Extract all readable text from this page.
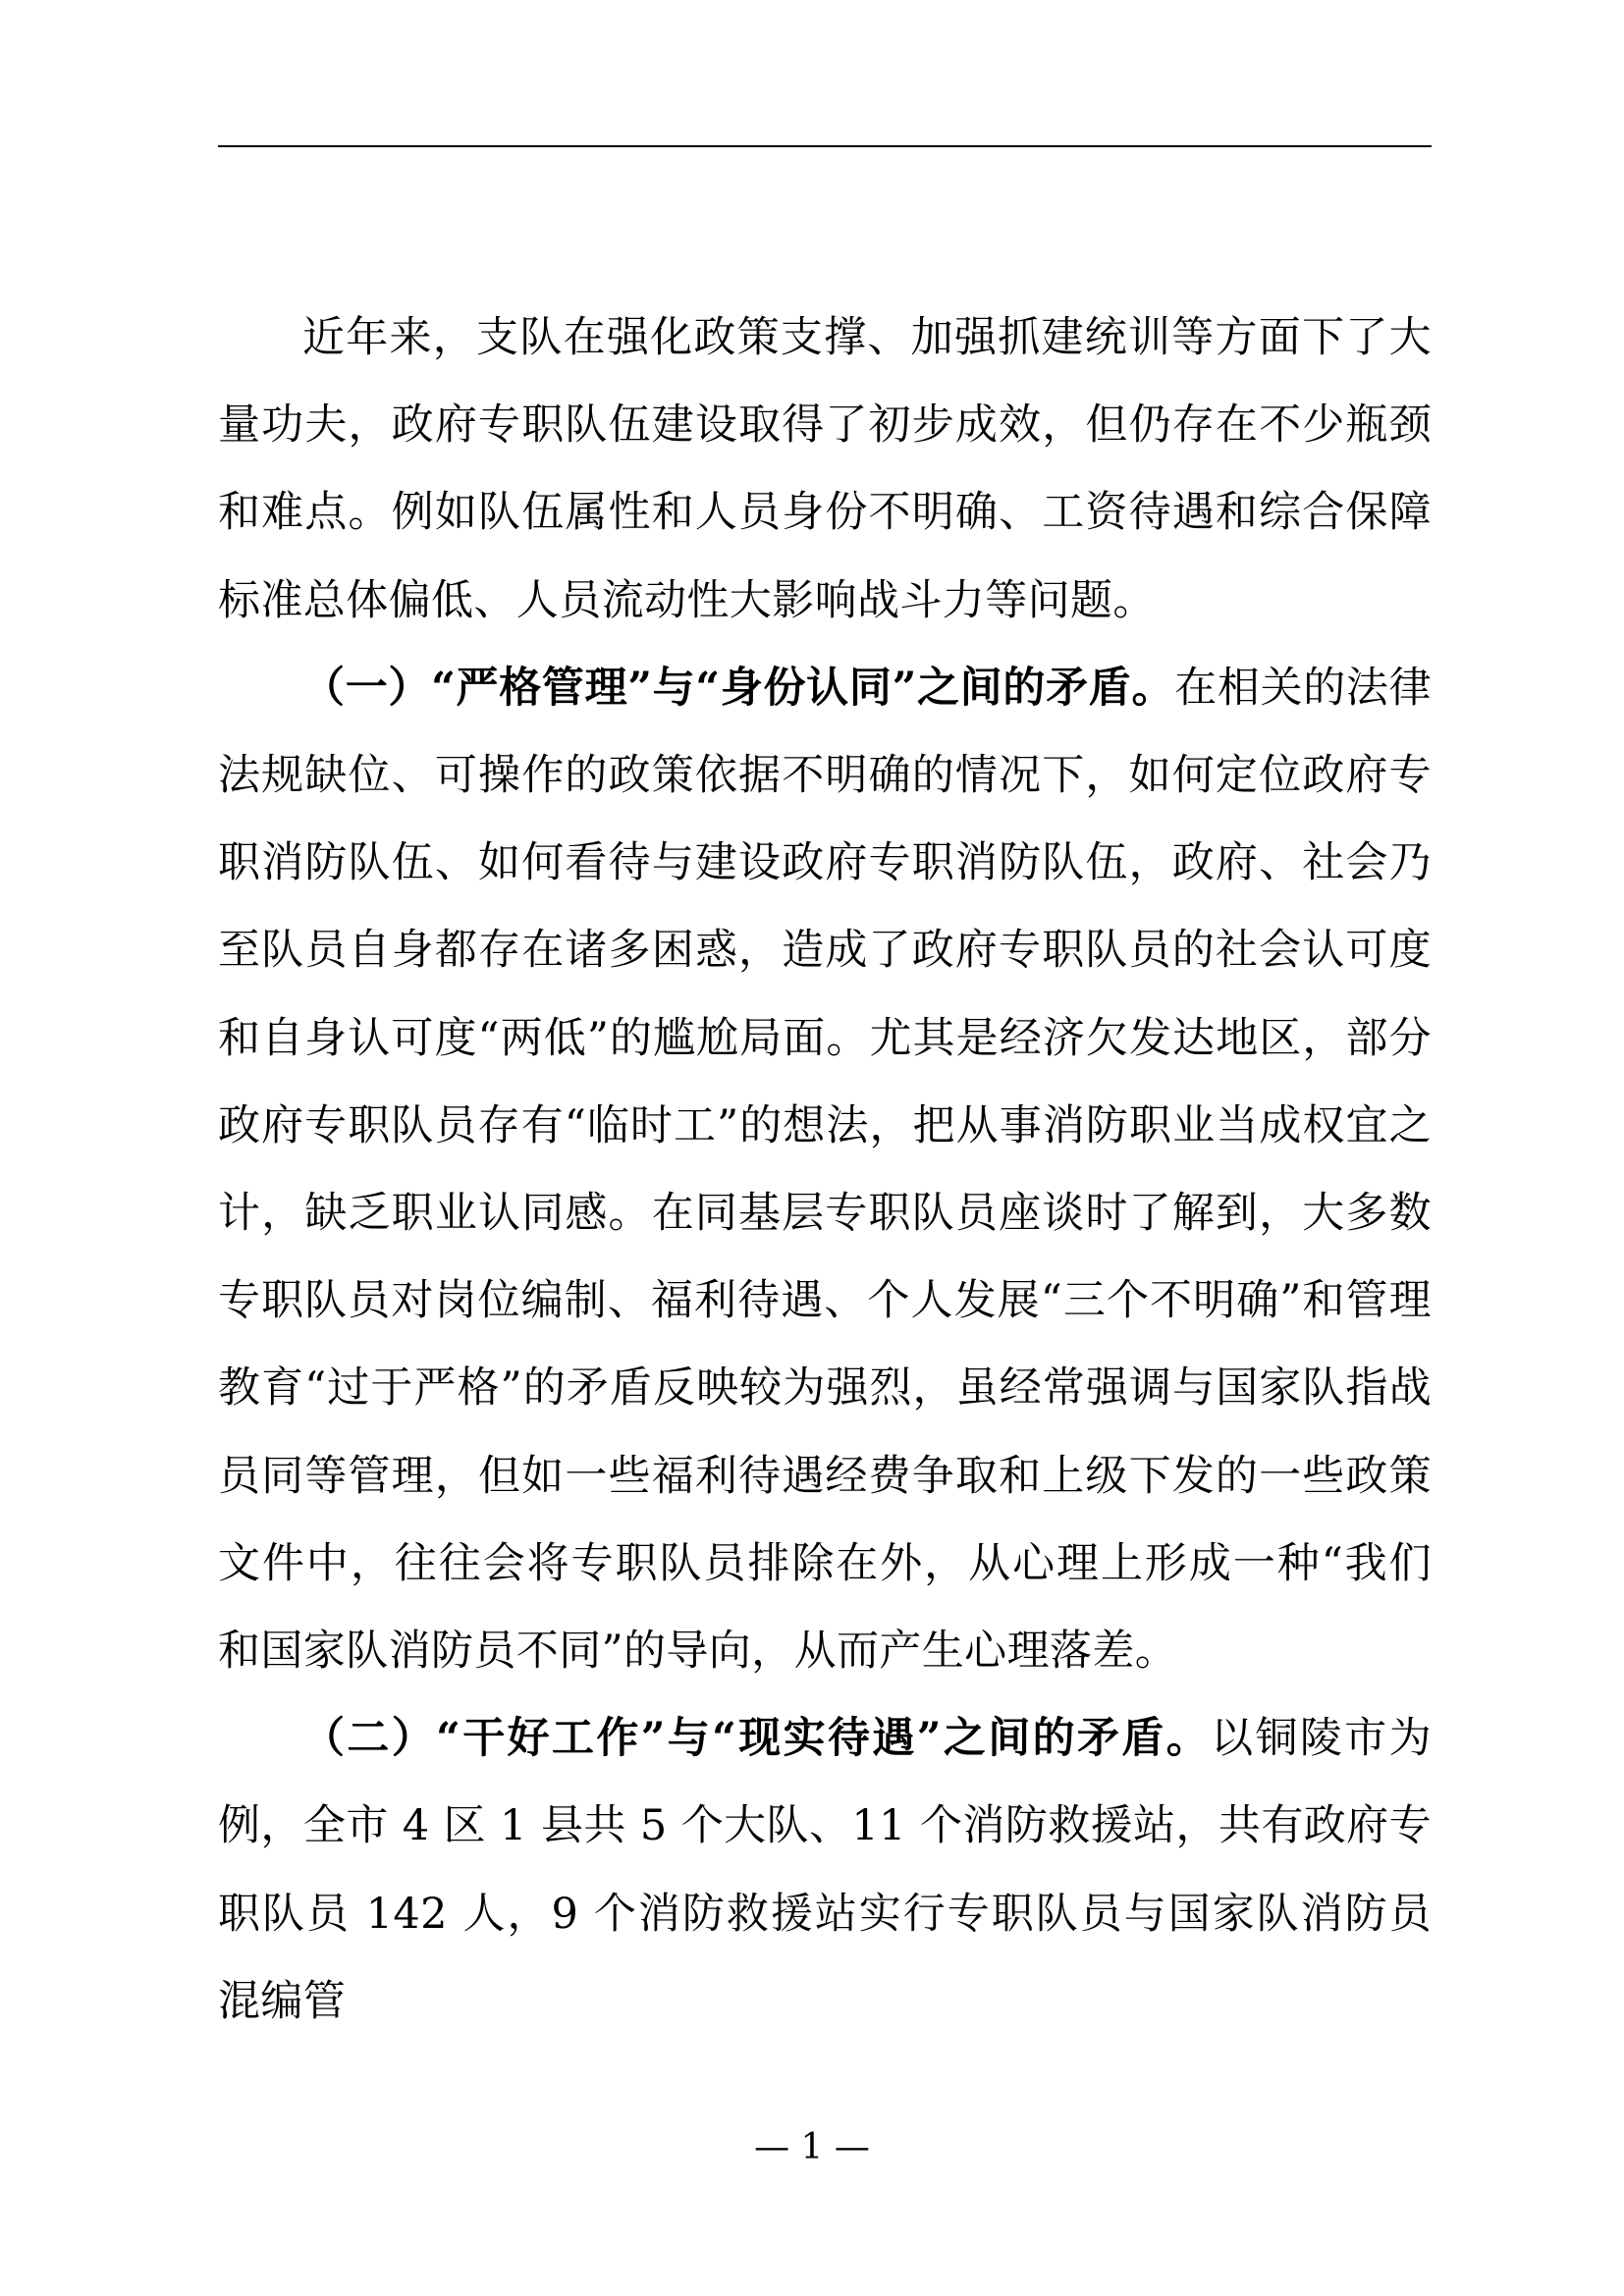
近年来，支队在强化政策支撑、加强抓建统训等方面下了大量功夫，政府专职队伍建设取得了初步成效，但仍存在不少瓶颈和难点。例如队伍属性和人员身份不明确、工资待遇和综合保障标准总体偏低、人员流动性大影响战斗力等问题。

（一）“严格管理”与“身份认同”之间的矛盾。在相关的法律法规缺位、可操作的政策依据不明确的情况下，如何定位政府专职消防队伍、如何看待与建设政府专职消防队伍，政府、社会乃至队员自身都存在诸多困惑，造成了政府专职队员的社会认可度和自身认可度“两低”的尴尬局面。尤其是经济欠发达地区，部分政府专职队员存有“临时工”的想法，把从事消防职业当成权宜之计，缺乏职业认同感。在同基层专职队员座谈时了解到，大多数专职队员对岗位编制、福利待遇、个人发展“三个不明确”和管理教育“过于严格”的矛盾反映较为强烈，虽经常强调与国家队指战员同等管理，但如一些福利待遇经费争取和上级下发的一些政策文件中，往往会将专职队员排除在外，从心理上形成一种“我们和国家队消防员不同”的导向，从而产生心理落差。

（二）“干好工作”与“现实待遇”之间的矛盾。以铜陵市为例，全市 4 区 1 县共 5 个大队、11 个消防救援站，共有政府专职队员 142 人，9 个消防救援站实行专职队员与国家队消防员混编管

— 1 —
